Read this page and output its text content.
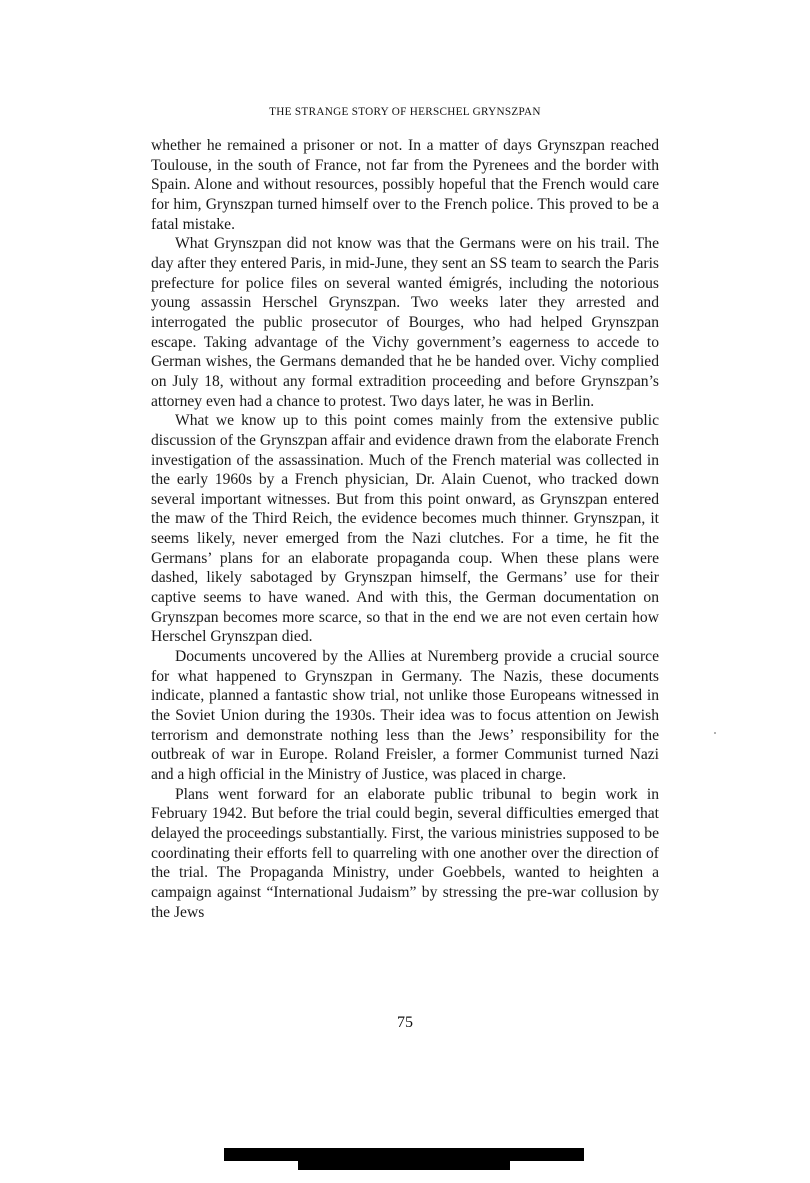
THE STRANGE STORY OF HERSCHEL GRYNSZPAN

whether he remained a prisoner or not. In a matter of days Grynszpan reached Toulouse, in the south of France, not far from the Pyrenees and the border with Spain. Alone and without resources, possibly hopeful that the French would care for him, Grynszpan turned himself over to the French police. This proved to be a fatal mistake.

What Grynszpan did not know was that the Germans were on his trail. The day after they entered Paris, in mid-June, they sent an SS team to search the Paris prefecture for police files on several wanted émigrés, including the notorious young assassin Herschel Grynszpan. Two weeks later they arrested and interrogated the public prosecutor of Bourges, who had helped Grynszpan escape. Taking advantage of the Vichy government’s eagerness to accede to German wishes, the Germans demanded that he be handed over. Vichy complied on July 18, without any formal extradition proceeding and before Grynszpan’s attorney even had a chance to protest. Two days later, he was in Berlin.

What we know up to this point comes mainly from the extensive public discussion of the Grynszpan affair and evidence drawn from the elaborate French investigation of the assassination. Much of the French material was collected in the early 1960s by a French physician, Dr. Alain Cuenot, who tracked down several important witnesses. But from this point onward, as Grynszpan entered the maw of the Third Reich, the evidence becomes much thinner. Grynszpan, it seems likely, never emerged from the Nazi clutches. For a time, he fit the Germans’ plans for an elaborate propaganda coup. When these plans were dashed, likely sabotaged by Grynszpan himself, the Germans’ use for their captive seems to have waned. And with this, the German documentation on Grynszpan becomes more scarce, so that in the end we are not even certain how Herschel Grynszpan died.

Documents uncovered by the Allies at Nuremberg provide a crucial source for what happened to Grynszpan in Germany. The Nazis, these documents indicate, planned a fantastic show trial, not unlike those Europeans witnessed in the Soviet Union during the 1930s. Their idea was to focus attention on Jewish terrorism and demonstrate nothing less than the Jews’ responsibility for the outbreak of war in Europe. Roland Freisler, a former Communist turned Nazi and a high official in the Ministry of Justice, was placed in charge.

Plans went forward for an elaborate public tribunal to begin work in February 1942. But before the trial could begin, several difficulties emerged that delayed the proceedings substantially. First, the various ministries supposed to be coordinating their efforts fell to quarreling with one another over the direction of the trial. The Propaganda Ministry, under Goebbels, wanted to heighten a campaign against “International Judaism” by stressing the pre-war collusion by the Jews

75
